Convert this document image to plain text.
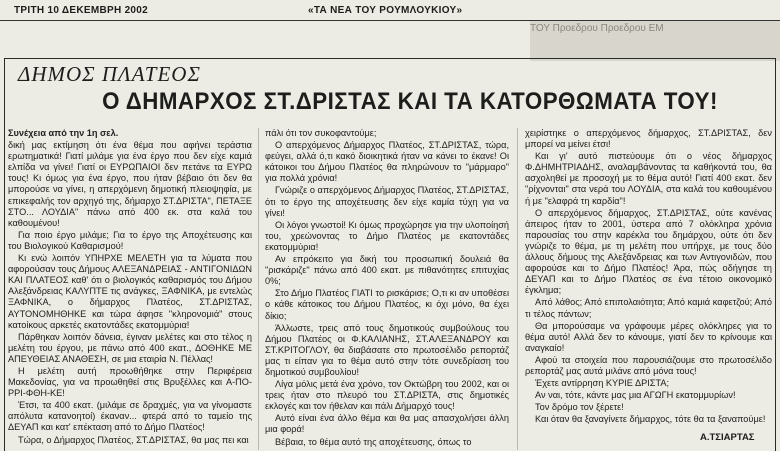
ΤΡΙΤΗ 10 ΔΕΚΕΜΒΡΗ 2002	«ΤΑ ΝΕΑ ΤΟΥ ΡΟΥΜΛΟΥΚΙΟΥ»
ΤΟΥ Προεδρου Προεδρου ΕΜ
ΔΗΜΟΣ ΠΛΑΤΕΟΣ
Ο ΔΗΜΑΡΧΟΣ ΣΤ.ΔΡΙΣΤΑΣ ΚΑΙ ΤΑ ΚΑΤΟΡΘΩΜΑΤΑ ΤΟΥ!

Συνέχεια από την 1η σελ.

δική μας εκτίμηση ότι ένα θέμα που αφήνει τεράστια ερωτηματικά! Γιατί μιλάμε για ένα έργο που δεν είχε καμιά ελπίδα να γίνει! Γιατί οι ΕΥΡΩΠΑΙΟΙ δεν πετάνε τα ΕΥΡΩ τους! Κι όμως για ένα έργο, που ήταν βέβαιο ότι δεν θα μπορούσε να γίνει, η απερχόμενη δημοτική πλειοψηφία, με επικεφαλής τον αρχηγό της, δήμαρχο ΣΤ.ΔΡΙΣΤΑ", ΠΕΤΑΞΕ ΣΤΟ... ΛΟΥΔΙΑ" πάνω από 400 εκ. στα καλά του καθουμένου!

Για ποιο έργο μιλάμε; Για το έργο της Αποχέτευσης και του Βιολογικού Καθαρισμού!

Κι ενώ λοιπόν ΥΠΗΡΧΕ ΜΕΛΕΤΗ για τα λύματα που αφορούσαν τους Δήμους ΑΛΕΞΑΝΔΡΕΙΑΣ - ΑΝΤΙΓΟΝΙΔΩΝ ΚΑΙ ΠΛΑΤΕΟΣ καθ' ότι ο βιολογικός καθαρισμός του Δήμου Αλεξάνδρειας ΚΑΛΥΠΤΕ τις ανάγκες, ΞΑΦΝΙΚΑ, με εντελώς ΞΑΦΝΙΚΑ, ο δήμαρχος Πλατέος, ΣΤ.ΔΡΙΣΤΑΣ, ΑΥΤΟΝΟΜΗΘΗΚΕ και τώρα άφησε "κληρονομιά" στους κατοίκους αρκετές εκατοντάδες εκατομμύρια!

Πάρθηκαν λοιπόν δάνεια, έγιναν μελέτες και στο τέλος η μελέτη του έργου, με πάνω από 400 εκατ., ΔΟΘΗΚΕ ΜΕ ΑΠΕΥΘΕΙΑΣ ΑΝΑΘΕΣΗ, σε μια εταιρία Ν. Πέλλας!

Η μελέτη αυτή προωθήθηκε στην Περιφέρεια Μακεδονίας, για να προωθηθεί στις Βρυξέλλες και Α-ΠΟ-ΡΡΙ-ΦΘΗ-ΚΕ!

Έτσι, τα 400 εκατ. (μιλάμε σε δραχμές, για να γίνομαστε απόλυτα κατανοητοί) έκαναν... φτερά από το ταμείο της ΔΕΥΑΠ και κατ' επέκταση από το Δήμο Πλατέος!

Τώρα, ο Δήμαρχος Πλατέος, ΣΤ.ΔΡΙΣΤΑΣ, θα μας πει και

πάλι ότι τον συκοφαντούμε;

Ο απερχόμενος Δήμαρχος Πλατέος, ΣΤ.ΔΡΙΣΤΑΣ, τώρα, φεύγει, αλλά ό,τι κακό διοικητικά ήταν να κάνει το έκανε! Οι κάτοικοι του Δήμου Πλατέος θα πληρώνουν το "μάρμαρο" για πολλά χρόνια!

Γνώριζε ο απερχόμενος Δήμαρχος Πλατέος, ΣΤ.ΔΡΙΣΤΑΣ, ότι το έργο της αποχέτευσης δεν είχε καμία τύχη για να γίνει!

Οι λόγοι γνωστοί! Κι όμως προχώρησε για την υλοποίησή του, χρεώνοντας το Δήμο Πλατέος με εκατοντάδες εκατομμύρια!

Αν επρόκειτο για δική του προσωπική δουλειά θα "ρισκάριζε" πάνω από 400 εκατ. με πιθανότητες επιτυχίας 0%;

Στο Δήμο Πλατέος ΓΙΑΤΙ το ρισκάρισε; Ο,τι κι αν υποθέσει ο κάθε κάτοικος του Δήμου Πλατέος, κι όχι μόνο, θα έχει δίκιο;

Άλλωστε, τρεις από τους δημοτικούς συμβούλους του Δήμου Πλατέος οι Φ.ΚΑΛΙΑΝΗΣ, ΣΤ.ΑΛΕΞΑΝΔΡΟΥ και ΣΤ.ΚΡΙΤΟΓΛΟΥ, θα διαβάσατε στο πρωτοσέλιδο ρεπορτάζ μας τι είπαν για το θέμα αυτό στην τότε συνεδρίαση του δημοτικού συμβουλίου!

Λίγα μόλις μετά ένα χρόνο, τον Οκτώβρη του 2002, και οι τρεις ήταν στο πλευρό του ΣΤ.ΔΡΙΣΤΑ, στις δημοτικές εκλογές και τον ήθελαν και πάλι Δήμαρχό τους!

Αυτό είναι ένα άλλο θέμα και θα μας απασχολήσει άλλη μια φορά!

Βέβαια, το θέμα αυτό της αποχέτευσης, όπως το

χειρίστηκε ο απερχόμενος δήμαρχος, ΣΤ.ΔΡΙΣΤΑΣ, δεν μπορεί να μείνει έτσι!

Και γι' αυτό πιστεύουμε ότι ο νέος δήμαρχος Φ.ΔΗΜΗΤΡΙΑΔΗΣ, αναλαμβάνοντας τα καθήκοντά του, θα ασχοληθεί με προσοχή με το θέμα αυτό! Γιατί 400 εκατ. δεν "ρίχνονται" στα νερά του ΛΟΥΔΙΑ, στα καλά του καθουμένου ή με "ελαφρά τη καρδία"!

Ο απερχόμενος δήμαρχος, ΣΤ.ΔΡΙΣΤΑΣ, ούτε κανένας άπειρος ήταν το 2001, ύστερα από 7 ολόκληρα χρόνια παρουσίας του στην καρέκλα του δημάρχου, ούτε ότι δεν γνώριζε το θέμα, με τη μελέτη που υπήρχε, με τους δύο άλλους δήμους της Αλεξάνδρειας και των Αντιγονιδών, που αφορούσε και το Δήμο Πλατέος! Άρα, πώς οδήγησε τη ΔΕΥΑΠ και το Δήμο Πλατέος σε ένα τέτοιο οικονομικό έγκλημα;

Από λάθος; Από επιπολαιότητα; Από καμιά καφετζού; Από τι τέλος πάντων;

Θα μπορούσαμε να γράφουμε μέρες ολόκληρες για το θέμα αυτό! Αλλά δεν το κάνουμε, γιατί δεν το κρίνουμε και αναγκαίο!

Αφού τα στοιχεία που παρουσιάζουμε στο πρωτοσέλιδο ρεπορτάζ μας αυτά μιλάνε από μόνα τους!

Έχετε αντίρρηση ΚΥΡΙΕ ΔΡΙΣΤΑ;

Αν ναι, τότε, κάντε μας μια ΑΓΩΓΗ εκατομμυρίων!

Τον δρόμο τον ξέρετε!

Και όταν θα ξαναγίνετε δήμαρχος, τότε θα τα ξαναπούμε!

Α.ΤΣΙΑΡΤΑΣ
